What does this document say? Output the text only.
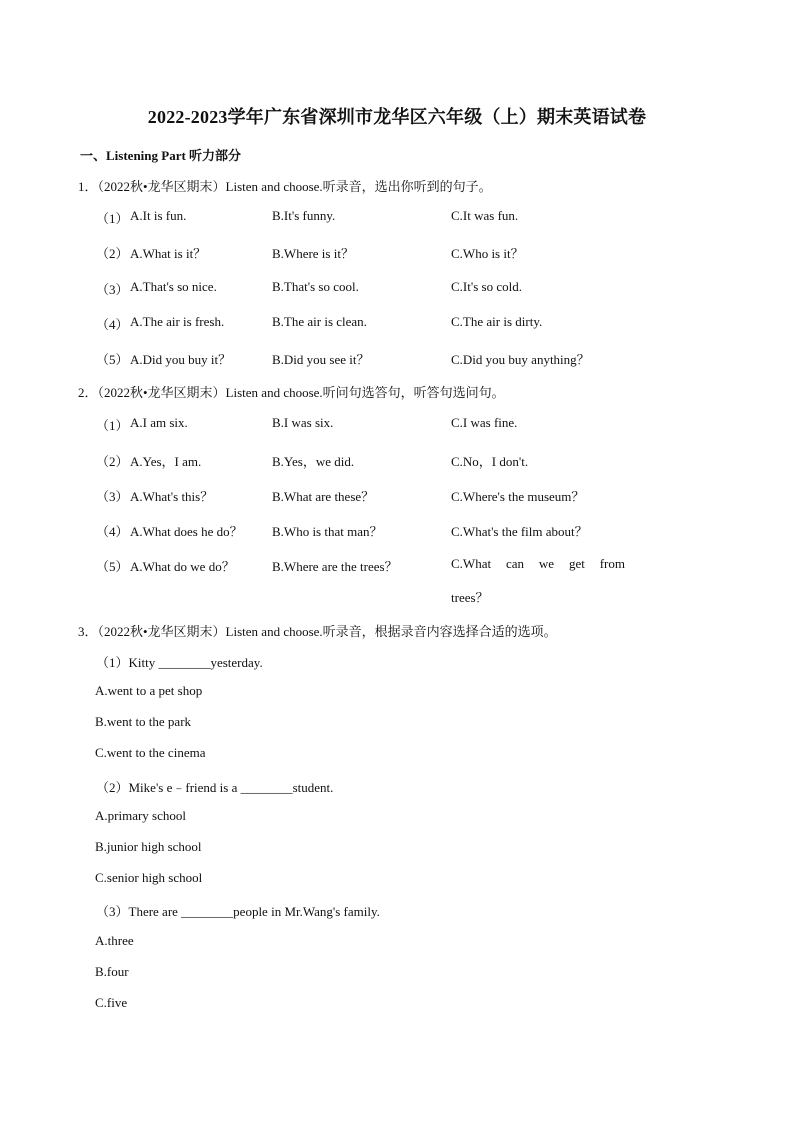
2022-2023学年广东省深圳市龙华区六年级（上）期末英语试卷
一、Listening Part 听力部分
1．（2022秋•龙华区期末）Listen and choose.听录音，选出你听到的句子。
（1） A.It is fun.	B.It's funny.	C.It was fun.
（2） A.What is it？	B.Where is it？	C.Who is it？
（3） A.That's so nice.	B.That's so cool.	C.It's so cold.
（4） A.The air is fresh.	B.The air is clean.	C.The air is dirty.
（5） A.Did you buy it？	B.Did you see it？	C.Did you buy anything？
2．（2022秋•龙华区期末）Listen and choose.听问句选答句，听答句选问句。
（1） A.I am six.	B.I was six.	C.I was fine.
（2） A.Yes，I am.	B.Yes，we did.	C.No，I don't.
（3） A.What's this？	B.What are these？	C.Where's the museum？
（4） A.What does he do？ B.Who is that man？	C.What's the film about？
（5） A.What do we do？	B.Where are the trees？	C.What can we get from
trees？
3．（2022秋•龙华区期末）Listen and choose.听录音，根据录音内容选择合适的选项。
（1）Kitty ________yesterday.
A.went to a pet shop
B.went to the park
C.went to the cinema
（2）Mike's e﹣friend is a ________student.
A.primary school
B.junior high school
C.senior high school
（3）There are ________people in Mr.Wang's family.
A.three
B.four
C.five
